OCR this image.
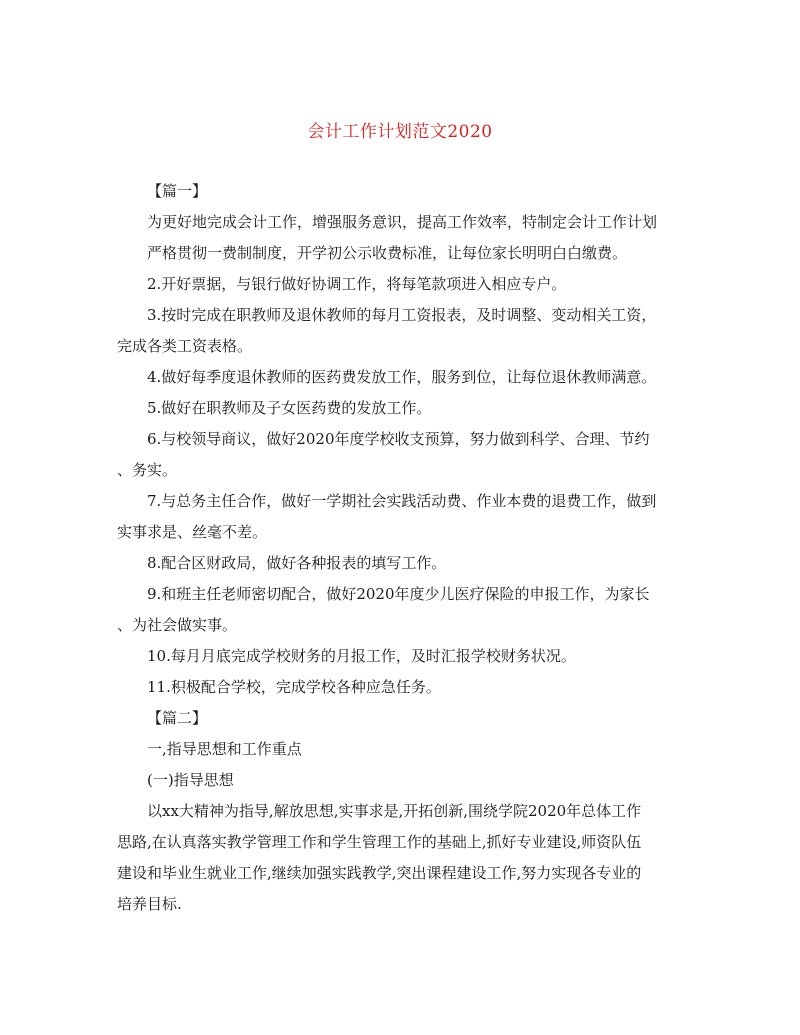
会计工作计划范文2020
【篇一】
为更好地完成会计工作，增强服务意识，提高工作效率，特制定会计工作计划
严格贯彻一费制制度，开学初公示收费标准，让每位家长明明白白缴费。
2.开好票据，与银行做好协调工作，将每笔款项进入相应专户。
3.按时完成在职教师及退休教师的每月工资报表，及时调整、变动相关工资，
完成各类工资表格。
4.做好每季度退休教师的医药费发放工作，服务到位，让每位退休教师满意。
5.做好在职教师及子女医药费的发放工作。
6.与校领导商议，做好2020年度学校收支预算，努力做到科学、合理、节约
、务实。
7.与总务主任合作，做好一学期社会实践活动费、作业本费的退费工作，做到
实事求是、丝毫不差。
8.配合区财政局，做好各种报表的填写工作。
9.和班主任老师密切配合，做好2020年度少儿医疗保险的申报工作，为家长
、为社会做实事。
10.每月月底完成学校财务的月报工作，及时汇报学校财务状况。
11.积极配合学校，完成学校各种应急任务。
【篇二】
一,指导思想和工作重点
(一)指导思想
以xx大精神为指导,解放思想,实事求是,开拓创新,围绕学院2020年总体工作
思路,在认真落实教学管理工作和学生管理工作的基础上,抓好专业建设,师资队伍
建设和毕业生就业工作,继续加强实践教学,突出课程建设工作,努力实现各专业的
培养目标.
